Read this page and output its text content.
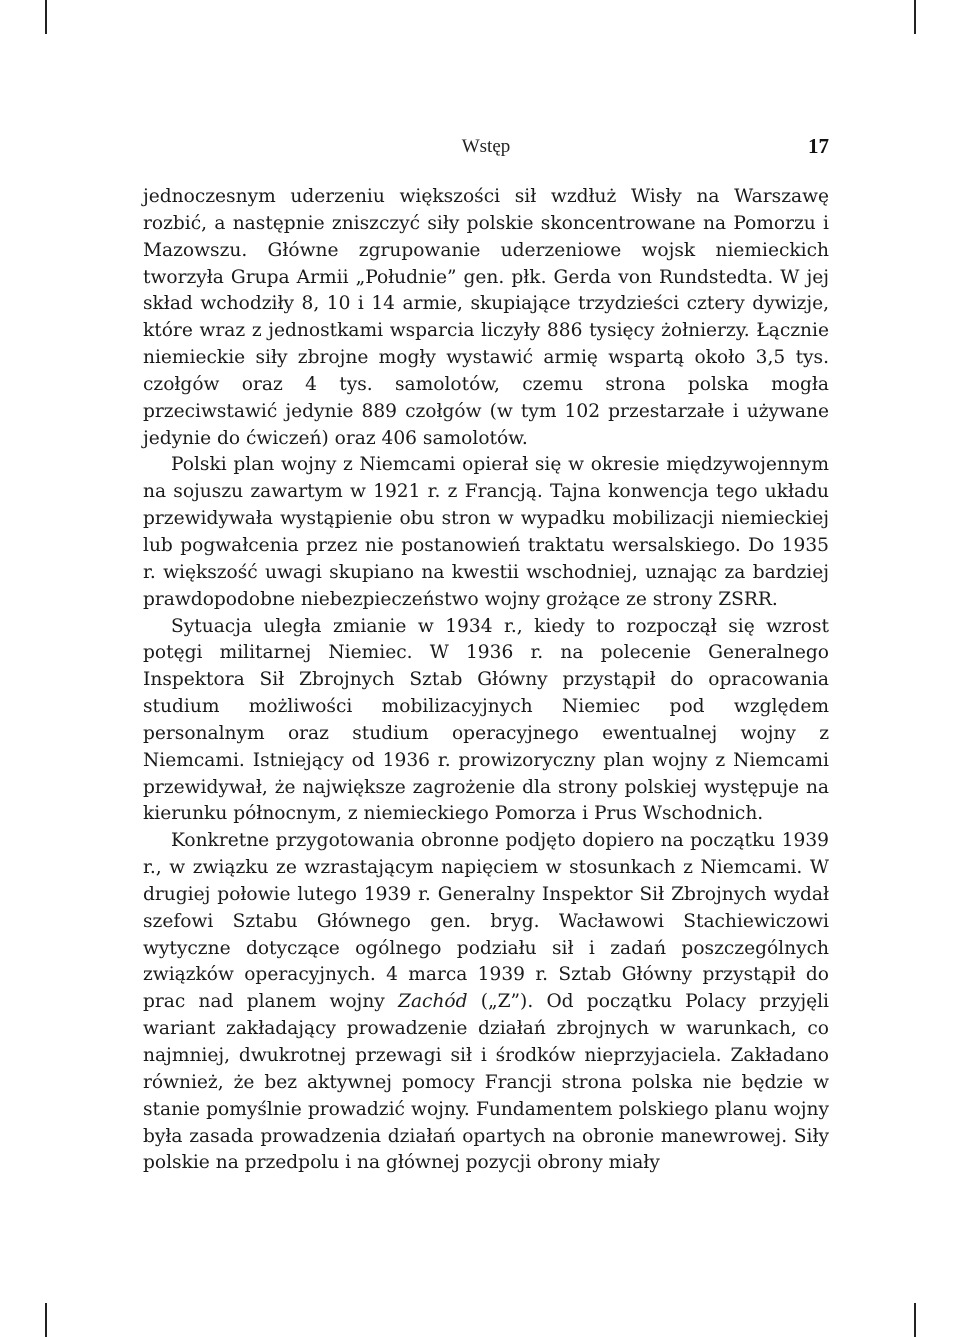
Wstęp	17

jednoczesnym uderzeniu większości sił wzdłuż Wisły na Warszawę rozbić, a następnie zniszczyć siły polskie skoncentrowane na Pomorzu i Mazowszu. Główne zgrupowanie uderzeniowe wojsk niemieckich tworzyła Grupa Armii „Południe” gen. płk. Gerda von Rundstedta. W jej skład wchodziły 8, 10 i 14 armie, skupiające trzydzieści cztery dywizje, które wraz z jednostkami wsparcia liczyły 886 tysięcy żołnierzy. Łącznie niemieckie siły zbrojne mogły wystawić armię wspartą około 3,5 tys. czołgów oraz 4 tys. samolotów, czemu strona polska mogła przeciwstawić jedynie 889 czołgów (w tym 102 przestarzałe i używane jedynie do ćwiczeń) oraz 406 samolotów.

Polski plan wojny z Niemcami opierał się w okresie międzywojennym na sojuszu zawartym w 1921 r. z Francją. Tajna konwencja tego układu przewidywała wystąpienie obu stron w wypadku mobilizacji niemieckiej lub pogwałcenia przez nie postanowień traktatu wersalskiego. Do 1935 r. większość uwagi skupiano na kwestii wschodniej, uznając za bardziej prawdopodobne niebezpieczeństwo wojny grożące ze strony ZSRR.

Sytuacja uległa zmianie w 1934 r., kiedy to rozpoczął się wzrost potęgi militarnej Niemiec. W 1936 r. na polecenie Generalnego Inspektora Sił Zbrojnych Sztab Główny przystąpił do opracowania studium możliwości mobilizacyjnych Niemiec pod względem personalnym oraz studium operacyjnego ewentualnej wojny z Niemcami. Istniejący od 1936 r. prowizoryczny plan wojny z Niemcami przewidywał, że największe zagrożenie dla strony polskiej występuje na kierunku północnym, z niemieckiego Pomorza i Prus Wschodnich.

Konkretne przygotowania obronne podjęto dopiero na początku 1939 r., w związku ze wzrastającym napięciem w stosunkach z Niemcami. W drugiej połowie lutego 1939 r. Generalny Inspektor Sił Zbrojnych wydał szefowi Sztabu Głównego gen. bryg. Wacławowi Stachiewiczowi wytyczne dotyczące ogólnego podziału sił i zadań poszczególnych związków operacyjnych. 4 marca 1939 r. Sztab Główny przystąpił do prac nad planem wojny Zachód („Z”). Od początku Polacy przyjęli wariant zakładający prowadzenie działań zbrojnych w warunkach, co najmniej, dwukrotnej przewagi sił i środków nieprzyjaciela. Zakładano również, że bez aktywnej pomocy Francji strona polska nie będzie w stanie pomyślnie prowadzić wojny. Fundamentem polskiego planu wojny była zasada prowadzenia działań opartych na obronie manewrowej. Siły polskie na przedpolu i na głównej pozycji obrony miały
